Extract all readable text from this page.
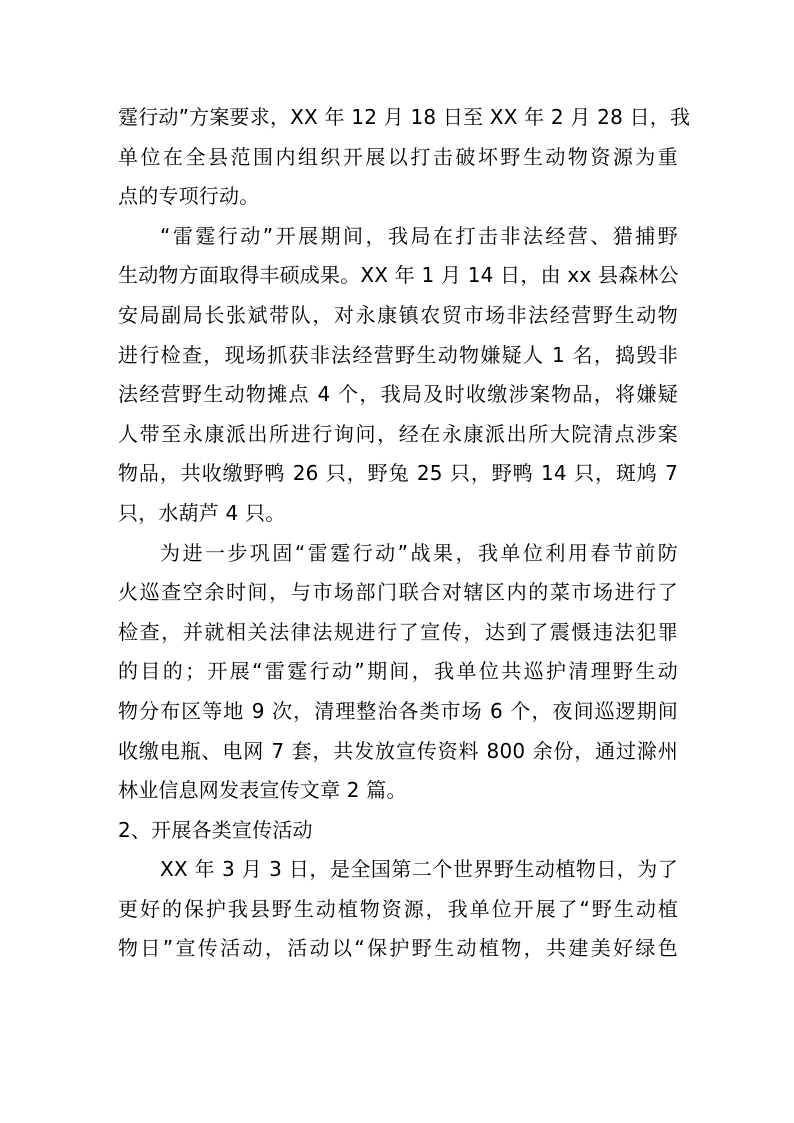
霆行动”方案要求，XX 年 12 月 18 日至 XX 年 2 月 28 日，我
单位在全县范围内组织开展以打击破坏野生动物资源为重
点的专项行动。
“雷霆行动”开展期间，我局在打击非法经营、猎捕野
生动物方面取得丰硕成果。XX 年 1 月 14 日，由 xx 县森林公
安局副局长张斌带队，对永康镇农贸市场非法经营野生动物
进行检查，现场抓获非法经营野生动物嫌疑人 1 名，捣毁非
法经营野生动物摊点 4 个，我局及时收缴涉案物品，将嫌疑
人带至永康派出所进行询问，经在永康派出所大院清点涉案
物品，共收缴野鸭 26 只，野兔 25 只，野鸭 14 只，斑鸠 7
只，水葫芦 4 只。
为进一步巩固“雷霆行动”战果，我单位利用春节前防
火巡查空余时间，与市场部门联合对辖区内的菜市场进行了
检查，并就相关法律法规进行了宣传，达到了震慑违法犯罪
的目的；开展“雷霆行动”期间，我单位共巡护清理野生动
物分布区等地 9 次，清理整治各类市场 6 个，夜间巡逻期间
收缴电瓶、电网 7 套，共发放宣传资料 800 余份，通过滁州
林业信息网发表宣传文章 2 篇。
2、开展各类宣传活动
XX 年 3 月 3 日，是全国第二个世界野生动植物日，为了
更好的保护我县野生动植物资源，我单位开展了“野生动植
物日”宣传活动，活动以“保护野生动植物，共建美好绿色
